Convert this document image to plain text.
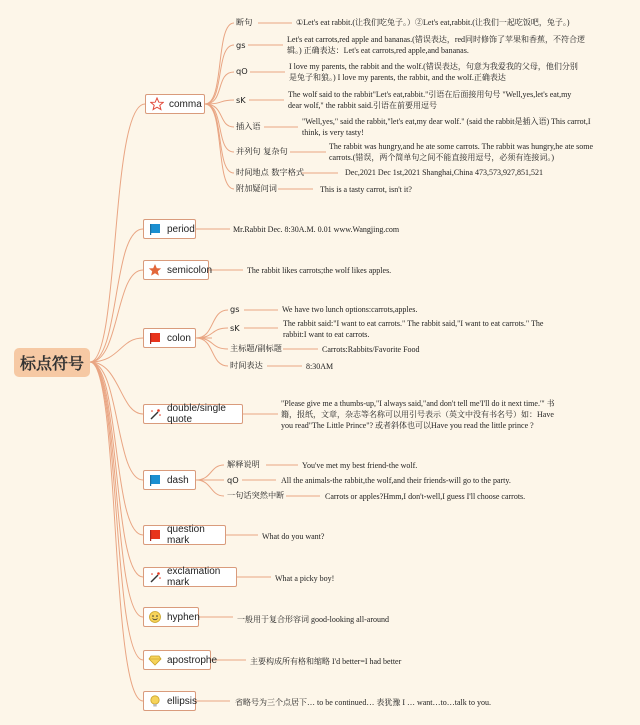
标点符号
comma
断句	①Let's eat rabbit.(让我们吃兔子。）②Let's eat,rabbit.(让我们一起吃饭吧，兔子。)
gs
Let's eat carrots,red apple and bananas.(错误表达，red同时修饰了苹果和香蕉，不符合逻辑。) 正确表达：Let's eat carrots,red apple,and bananas.
qO	I love my parents, the rabbit and the wolf.(错误表达，句意为我爱我的父母，他们分别是兔子和狼。) I love my parents, the rabbit, and the wolf.正确表达
sK
The wolf said to the rabbit"Let's eat,rabbit."引语在后面接用句号 "Well,yes,let's eat,my dear wolf," the rabbit said.引语在前要用逗号
插入语	"Well,yes," said the rabbit,"let's eat,my dear wolf." (said the rabbit是插入语) This carrot,I think, is very tasty!
并列句 复杂句	The rabbit was hungry,and he ate some carrots. The rabbit was hungry,he ate some carrots.(错误，两个简单句之间不能直接用逗号，必须有连接词。)
时间地点 数字格式	Dec,2021 Dec 1st,2021 Shanghai,China 473,573,927,851,521
附加疑问词	This is a tasty carrot, isn't it?
period	Mr.Rabbit Dec. 8:30A.M. 0.01 www.Wangjing.com
semicolon	The rabbit likes carrots;the wolf likes apples.
colon
gs	We have two lunch options:carrots,apples.
sK	The rabbit said:"I want to eat carrots." The rabbit said,"I want to eat carrots." The rabbit:I want to eat carrots.
主标题/副标题	Carrots:Rabbits/Favorite Food
时间表达	8:30AM
double/single quote
"Please give me a thumbs-up,"I always said,"and don't tell me'I'll do it next time.'" 书籍，报纸，文章，杂志等名称可以用引号表示（英文中没有书名号）如：Have you read"The Little Prince"? 或者斜体也可以Have you read the little prince ?
dash
解释说明	You've met my best friend-the wolf.
qO	All the animals-the rabbit,the wolf,and their friends-will go to the party.
一句话突然中断	Carrots or apples?Hmm,I don't-well,I guess I'll choose carrots.
question mark	What do you want?
exclamation mark	What a picky boy!
hyphen	一般用于复合形容词 good-looking all-around
apostrophe	主要构成所有格和缩略 I'd better=I had better
ellipsis	省略号为三个点居下… to be continued… 表犹豫 I … want…to…talk to you.
